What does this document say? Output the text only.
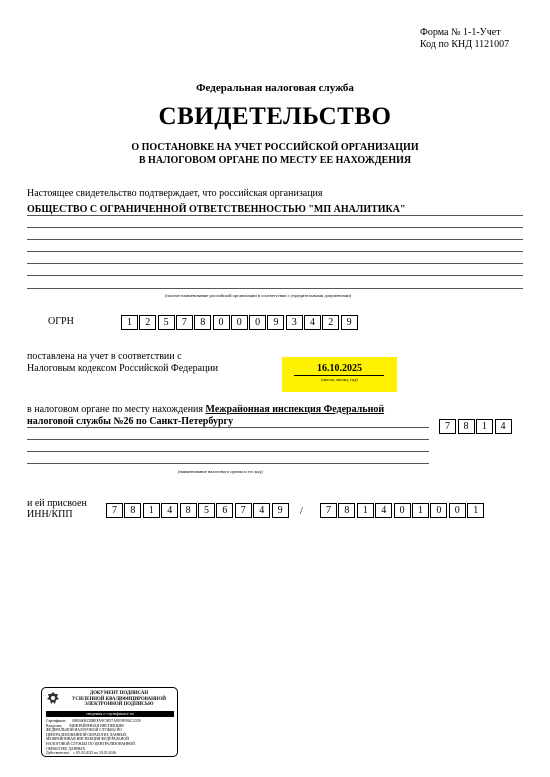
Форма № 1-1-Учет
Код по КНД 1121007
Федеральная налоговая служба
СВИДЕТЕЛЬСТВО
О ПОСТАНОВКЕ НА УЧЕТ РОССИЙСКОЙ ОРГАНИЗАЦИИ
В НАЛОГОВОМ ОРГАНЕ ПО МЕСТУ ЕЕ НАХОЖДЕНИЯ
Настоящее свидетельство подтверждает, что российская организация
ОБЩЕСТВО С ОГРАНИЧЕННОЙ ОТВЕТСТВЕННОСТЬЮ "МП АНАЛИТИКА"
(полное наименование российской организации в соответствии с учредительными документами)
ОГРН	1	2	5	7	8	0	0	0	9	3	4	2	9
поставлена на учет в соответствии с
Налоговым кодексом Российской Федерации	16.10.2025
(число, месяц, год)
в налоговом органе по месту нахождения Межрайонная инспекция Федеральной
налоговой службы №26 по Санкт-Петербургу	7	8	1	4
(наименование налогового органа и его код)
и ей присвоен
ИНН/КПП	7	8	1	4	8	5	6	7	4	9	/	7	8	1	4	0	1	0	0	1
ДОКУМЕНТ ПОДПИСАН
УСИЛЕННОЙ КВАЛИФИЦИРОВАННОЙ
ЭЛЕКТРОННОЙ ПОДПИСЬЮ
сведения о сертификате эп
Сертификат: 00B360ECBBEFA9C9857AEE9E992C2339
Владелец: МЕЖРАЙОННАЯ ИНСПЕКЦИЯ
ФЕДЕРАЛЬНОЙ НАЛОГОВОЙ СЛУЖБЫ ПО
ЦЕНТРАЛИЗОВАННОЙ ОБРАБОТКЕ ДАННЫХ
МЕЖРАЙОННАЯ ИНСПЕКЦИЯ ФЕДЕРАЛЬНОЙ
НАЛОГОВОЙ СЛУЖБЫ ПО ЦЕНТРАЛИЗОВАННОЙ
ОБРАБОТКЕ ДАННЫХ
Действителен: с 05.03.2025 по 29.05.2026
